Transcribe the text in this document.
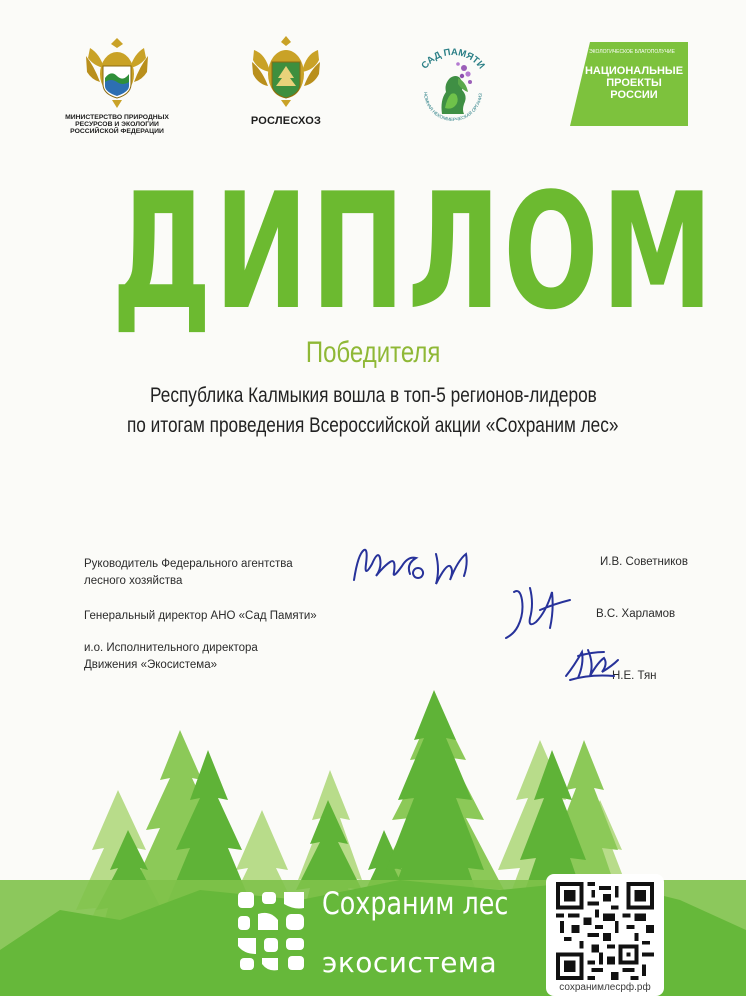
МИНИСТЕРСТВО ПРИРОДНЫХ
РЕСУРСОВ И ЭКОЛОГИИ
РОССИЙСКОЙ ФЕДЕРАЦИИ
РОСЛЕСХОЗ
САД ПАМЯТИ
НОМНАЯ НЕКОММЕРЧЕСКАЯ ОРГАНИЗ
ЭКОЛОГИЧЕСКОЕ БЛАГОПОЛУЧИЕ
НАЦИОНАЛЬНЫЕ
ПРОЕКТЫ
РОССИИ
ДИПЛОМ
Победителя
Республика Калмыкия вошла в топ-5 регионов-лидеров
по итогам проведения Всероссийской акции «Сохраним лес»
Руководитель Федерального агентства
лесного хозяйства
Генеральный директор АНО «Сад Памяти»
и.о. Исполнительного директора
Движения «Экосистема»
И.В. Советников
В.С. Харламов
Н.Е. Тян
Сохраним лес
экосистема
сохранимлесрф.рф
